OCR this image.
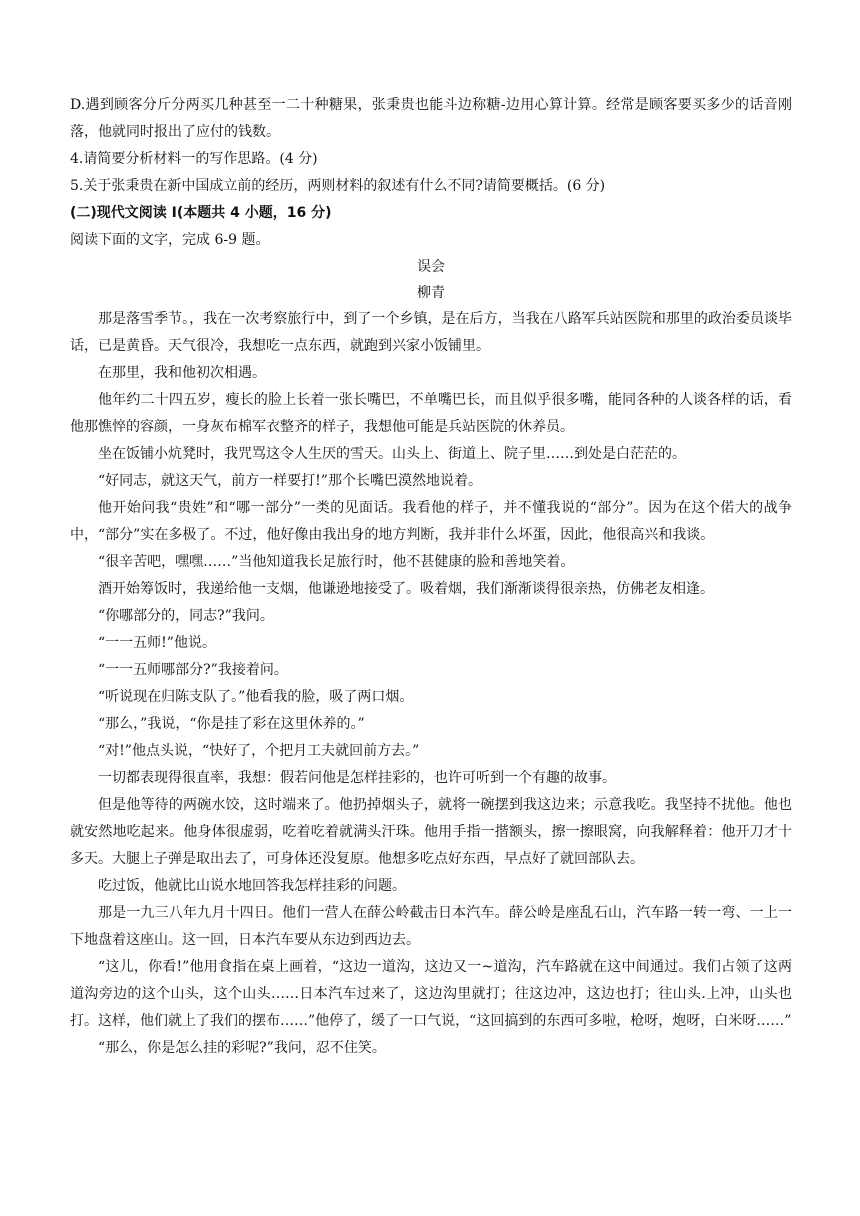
D.遇到顾客分斤分两买几种甚至一二十种糖果，张秉贵也能斗边称糖-边用心算计算。经常是顾客要买多少的话音刚落，他就同时报出了应付的钱数。

4.请简要分析材料一的写作思路。(4 分)

5.关于张秉贵在新中国成立前的经历，两则材料的叙述有什么不同?请简要概括。(6 分)

(二)现代文阅读 I(本题共 4 小题，16 分)

阅读下面的文字，完成 6-9 题。

误会

柳青

那是落雪季节。，我在一次考察旅行中，到了一个乡镇，是在后方，当我在八路军兵站医院和那里的政治委员谈毕话，已是黄昏。天气很冷，我想吃一点东西，就跑到兴家小饭铺里。

在那里，我和他初次相遇。

他年约二十四五岁，瘦长的脸上长着一张长嘴巴，不单嘴巴长，而且似乎很多嘴，能同各种的人谈各样的话，看他那憔悴的容颜，一身灰布棉军衣整齐的样子，我想他可能是兵站医院的休养员。

坐在饭铺小炕凳时，我咒骂这令人生厌的雪天。山头上、街道上、院子里……到处是白茫茫的。

“好同志，就这天气，前方一样要打!”那个长嘴巴漠然地说着。

他开始问我“贵姓”和“哪一部分”一类的见面话。我看他的样子，并不懂我说的“部分”。因为在这个偌大的战争中，“部分”实在多极了。不过，他好像由我出身的地方判断，我并非什么坏蛋，因此，他很高兴和我谈。

“很辛苦吧，嘿嘿……”当他知道我长足旅行时，他不甚健康的脸和善地笑着。

酒开始筹饭时，我递给他一支烟，他谦逊地接受了。吸着烟，我们渐渐谈得很亲热，仿佛老友相逢。

“你哪部分的，同志?”我问。

“一一五师!”他说。

“一一五师哪部分?”我接着问。

“听说现在归陈支队了。”他看我的脸，吸了两口烟。

“那么，”我说，“你是挂了彩在这里休养的。”

“对!”他点头说，“快好了，个把月工夫就回前方去。”

一切都表现得很直率，我想：假若问他是怎样挂彩的，也许可听到一个有趣的故事。

但是他等待的两碗水饺，这时端来了。他扔掉烟头子，就将一碗摆到我这边来；示意我吃。我坚持不扰他。他也就安然地吃起来。他身体很虚弱，吃着吃着就满头汗珠。他用手指一揩额头，擦一擦眼窝，向我解释着：他开刀才十多天。大腿上子弹是取出去了，可身体还没复原。他想多吃点好东西，早点好了就回部队去。

吃过饭，他就比山说水地回答我怎样挂彩的问题。

那是一九三八年九月十四日。他们一营人在薛公岭截击日本汽车。薛公岭是座乱石山，汽车路一转一弯、一上一下地盘着这座山。这一回，日本汽车要从东边到西边去。

“这儿，你看!”他用食指在桌上画着，“这边一道沟，这边又一~道沟，汽车路就在这中间通过。我们占领了这两道沟旁边的这个山头，这个山头……日本汽车过来了，这边沟里就打；往这边冲，这边也打；往山头.上冲，山头也打。这样，他们就上了我们的摆布……”他停了，缓了一口气说，“这回搞到的东西可多啦，枪呀，炮呀，白米呀……”

“那么，你是怎么挂的彩呢?”我问，忍不住笑。
